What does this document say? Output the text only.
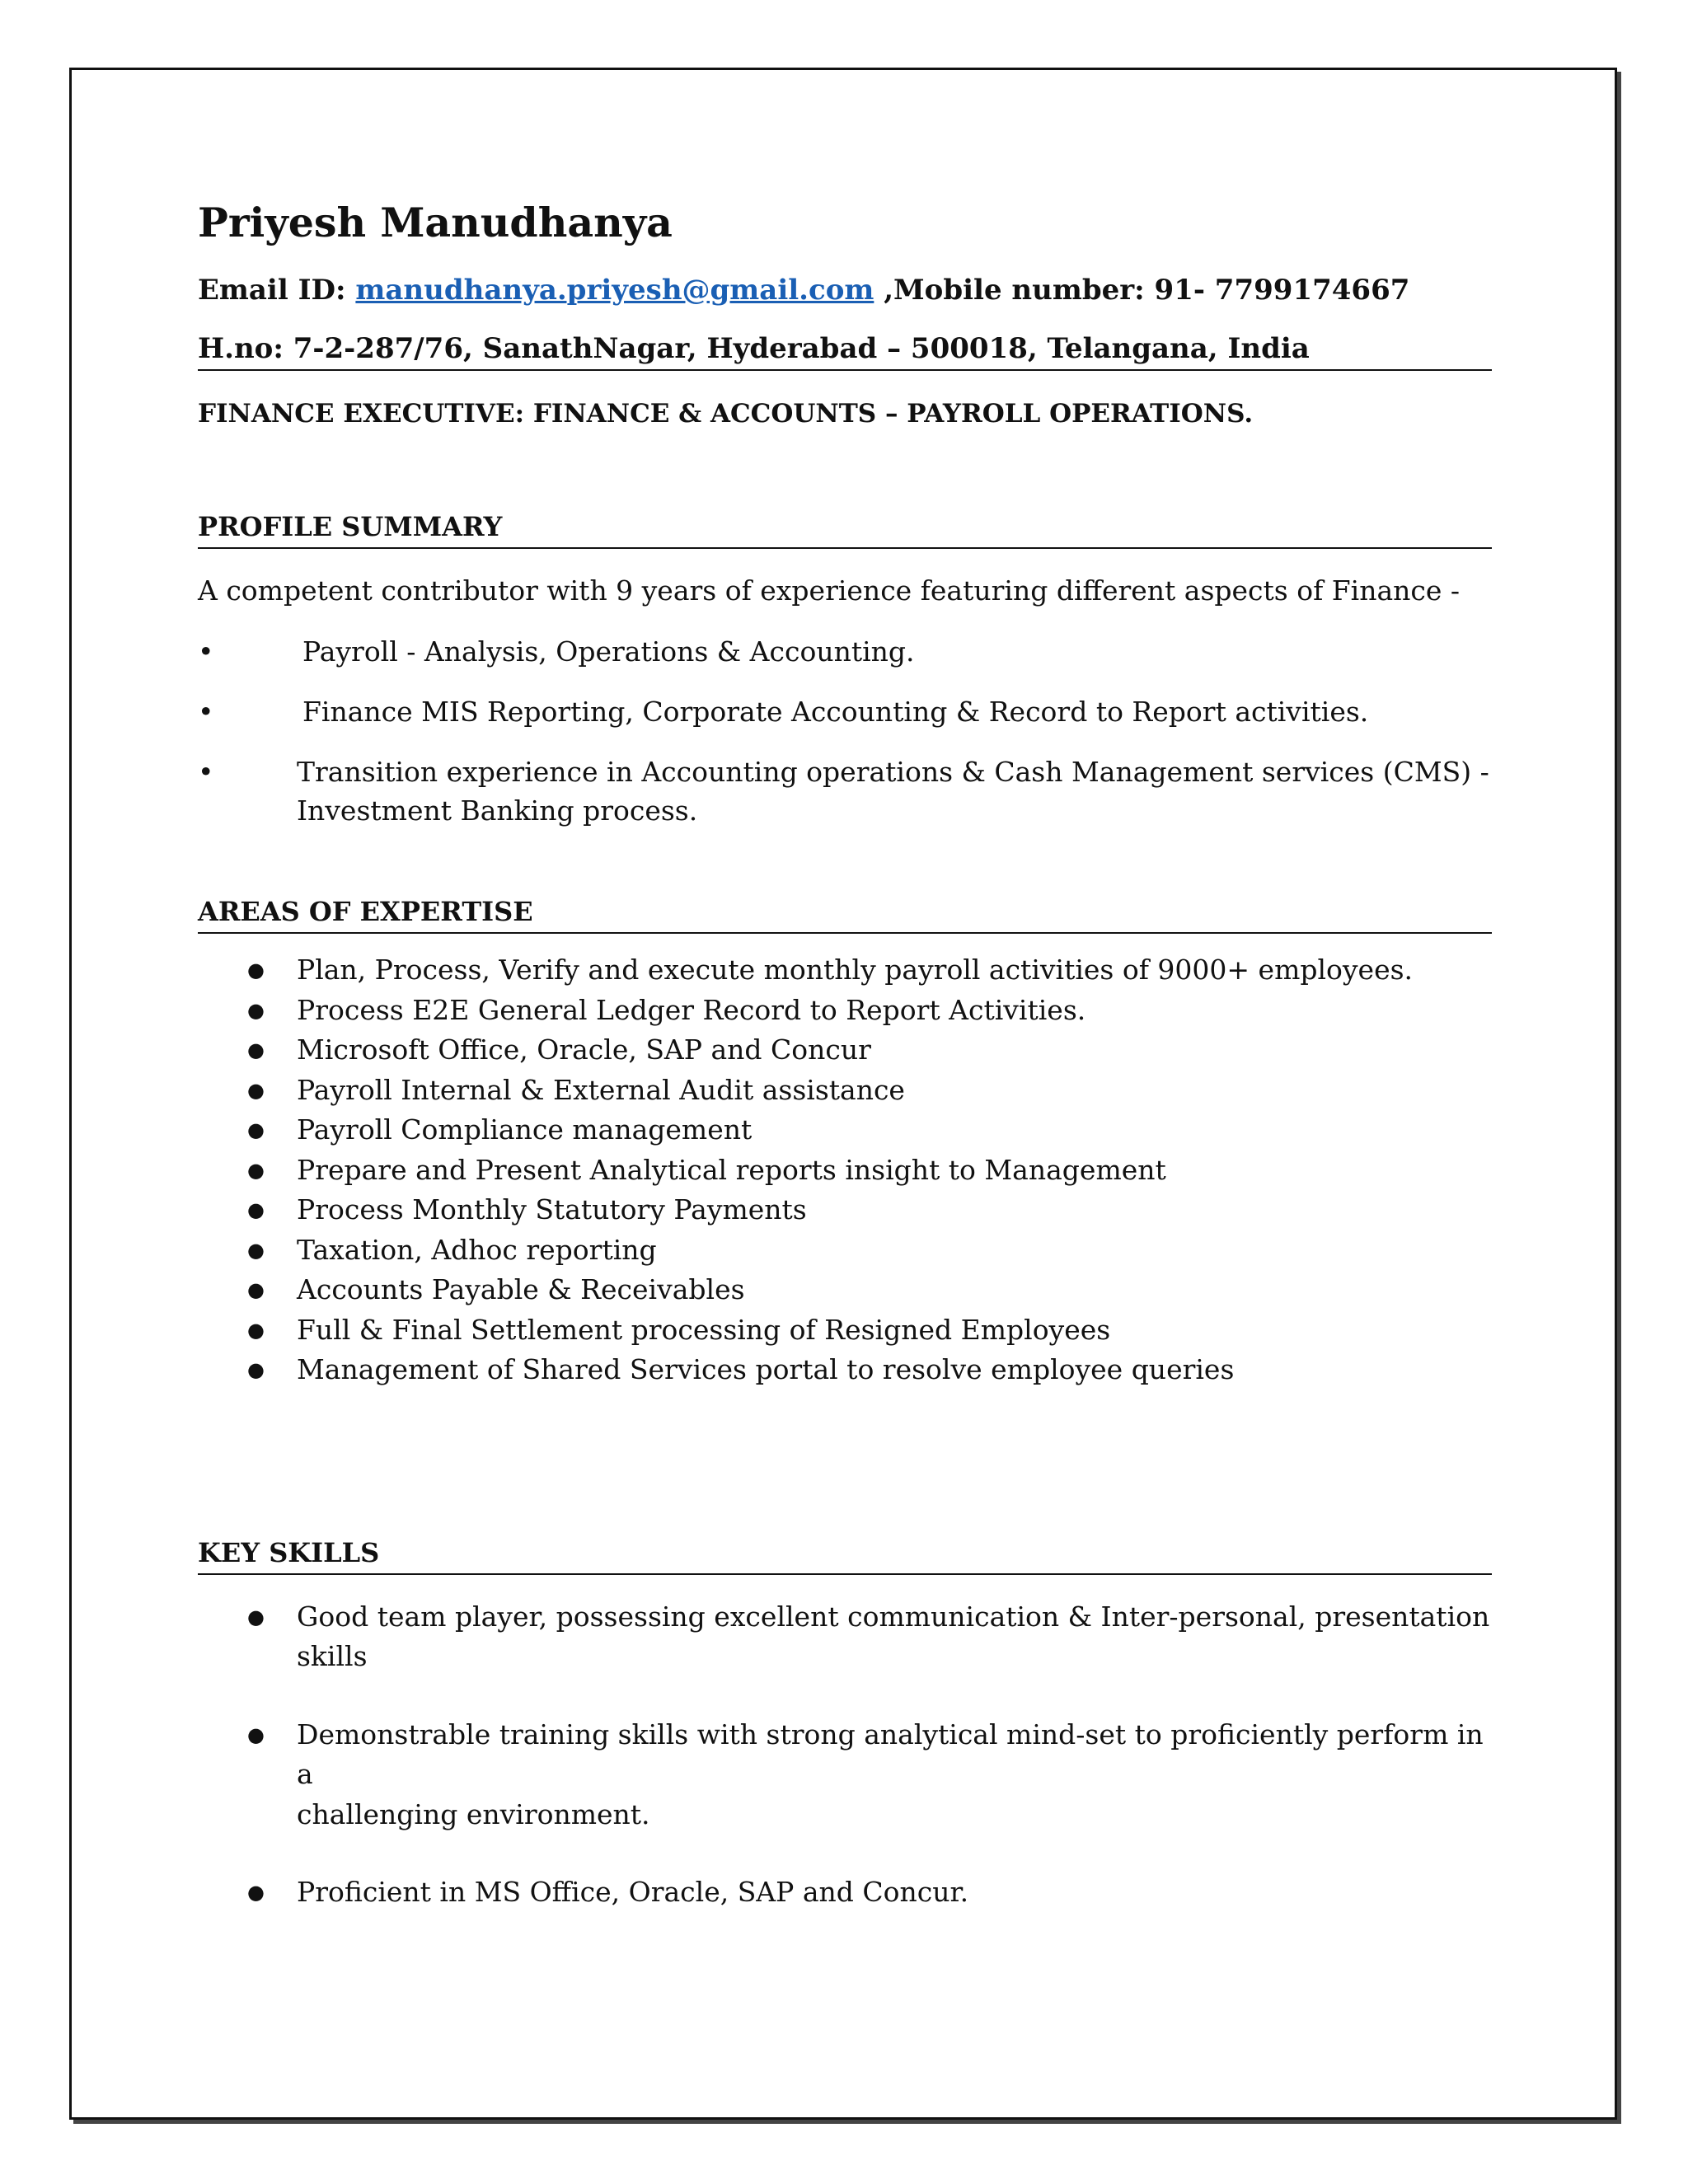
Priyesh Manudhanya
Email ID: manudhanya.priyesh@gmail.com ,Mobile number: 91- 7799174667
H.no: 7-2-287/76, SanathNagar, Hyderabad – 500018, Telangana, India
FINANCE EXECUTIVE: FINANCE & ACCOUNTS – PAYROLL OPERATIONS.
PROFILE SUMMARY
A competent contributor with 9 years of experience featuring different aspects of Finance -
•	Payroll - Analysis, Operations & Accounting.
•	Finance MIS Reporting, Corporate Accounting & Record to Report activities.
•	Transition experience in Accounting operations & Cash Management services (CMS) -
Investment Banking process.
AREAS OF EXPERTISE
● Plan, Process, Verify and execute monthly payroll activities of 9000+ employees.
● Process E2E General Ledger Record to Report Activities.
● Microsoft Office, Oracle, SAP and Concur
● Payroll Internal & External Audit assistance
● Payroll Compliance management
● Prepare and Present Analytical reports insight to Management
● Process Monthly Statutory Payments
● Taxation, Adhoc reporting
● Accounts Payable & Receivables
● Full & Final Settlement processing of Resigned Employees
● Management of Shared Services portal to resolve employee queries
KEY SKILLS
● Good team player, possessing excellent communication & Inter-personal, presentation skills
● Demonstrable training skills with strong analytical mind-set to proficiently perform in a
challenging environment.
● Proficient in MS Office, Oracle, SAP and Concur.
